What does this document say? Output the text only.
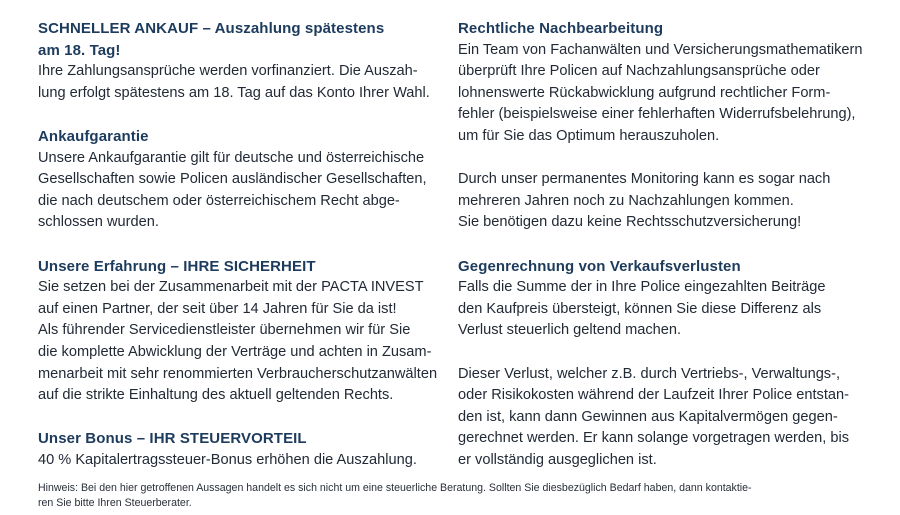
SCHNELLER ANKAUF – Auszahlung spätestens
am 18. Tag!
Ihre Zahlungsansprüche werden vorfinanziert. Die Auszah-
lung erfolgt spätestens am 18. Tag auf das Konto Ihrer Wahl.
Ankaufgarantie
Unsere Ankaufgarantie gilt für deutsche und österreichische
Gesellschaften sowie Policen ausländischer Gesellschaften,
die nach deutschem oder österreichischem Recht abge-
schlossen wurden.
Unsere Erfahrung – IHRE SICHERHEIT
Sie setzen bei der Zusammenarbeit mit der PACTA INVEST
auf einen Partner, der seit über 14 Jahren für Sie da ist!
Als führender Servicedienstleister übernehmen wir für Sie
die komplette Abwicklung der Verträge und achten in Zusam-
menarbeit mit sehr renommierten Verbraucherschutzanwälten
auf die strikte Einhaltung des aktuell geltenden Rechts.
Unser Bonus – IHR STEUERVORTEIL
40 % Kapitalertragssteuer-Bonus erhöhen die Auszahlung.
Rechtliche Nachbearbeitung
Ein Team von Fachanwälten und Versicherungsmathematikern
überprüft Ihre Policen auf Nachzahlungsansprüche oder
lohnenswerte Rückabwicklung aufgrund rechtlicher Form-
fehler (beispielsweise einer fehlerhaften Widerrufsbelehrung),
um für Sie das Optimum herauszuholen.
Durch unser permanentes Monitoring kann es sogar nach
mehreren Jahren noch zu Nachzahlungen kommen.
Sie benötigen dazu keine Rechtsschutzversicherung!
Gegenrechnung von Verkaufsverlusten
Falls die Summe der in Ihre Police eingezahlten Beiträge
den Kaufpreis übersteigt, können Sie diese Differenz als
Verlust steuerlich geltend machen.
Dieser Verlust, welcher z.B. durch Vertriebs-, Verwaltungs-,
oder Risikokosten während der Laufzeit Ihrer Police entstan-
den ist, kann dann Gewinnen aus Kapitalvermögen gegen-
gerechnet werden. Er kann solange vorgetragen werden, bis
er vollständig ausgeglichen ist.
Hinweis: Bei den hier getroffenen Aussagen handelt es sich nicht um eine steuerliche Beratung. Sollten Sie diesbezüglich Bedarf haben, dann kontaktie-
ren Sie bitte Ihren Steuerberater.
